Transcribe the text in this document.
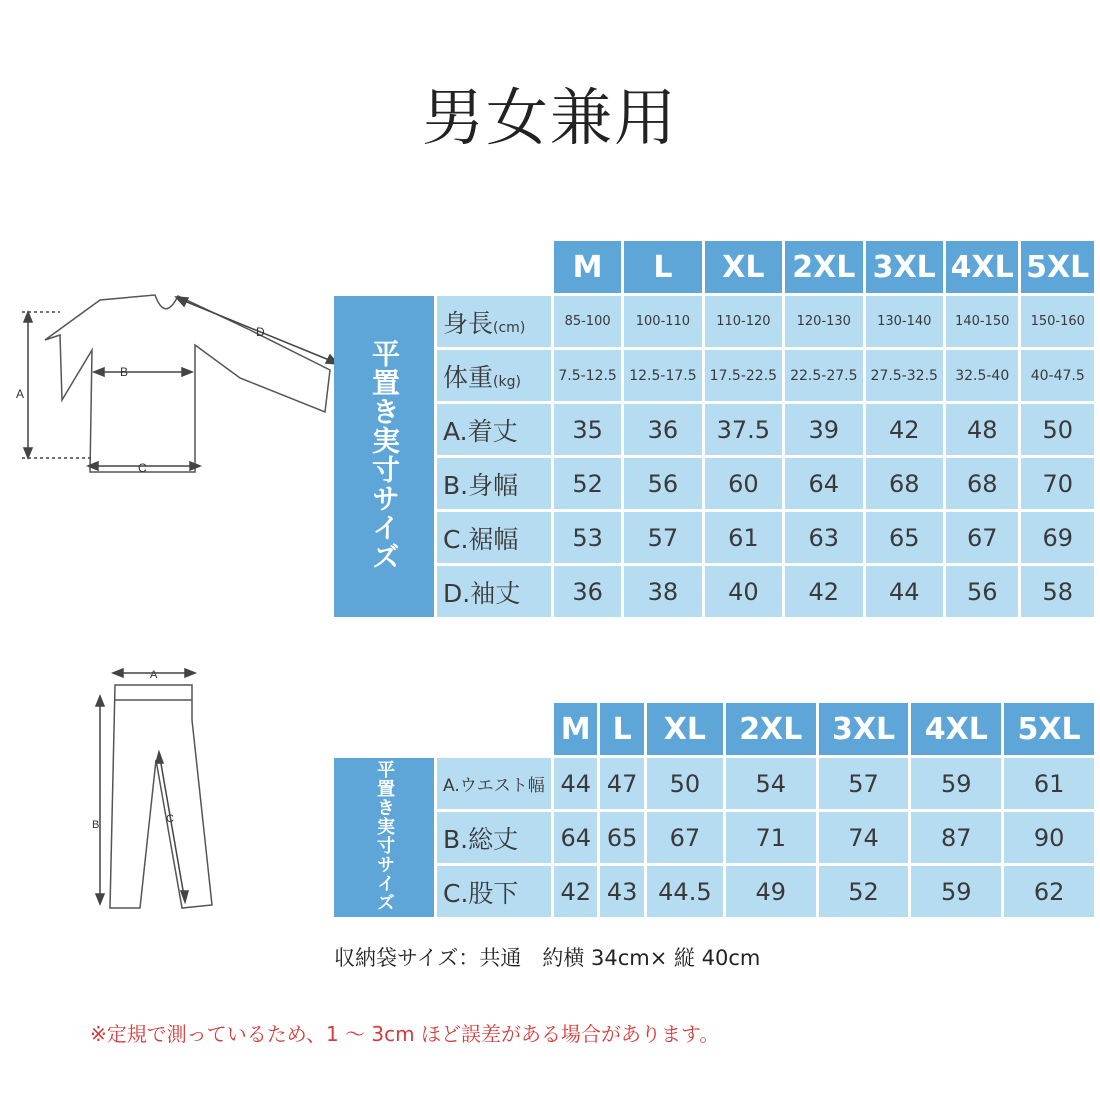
男女兼用
A
B
C
D
A
B	C
		M	L	XL	2XL	3XL	4XL	5XL
平置き実寸サイズ	身長(cm)	85-100	100-110	110-120	120-130	130-140	140-150	150-160
	体重(kg)	7.5-12.5	12.5-17.5	17.5-22.5	22.5-27.5	27.5-32.5	32.5-40	40-47.5
	A.着丈	35	36	37.5	39	42	48	50
	B.身幅	52	56	60	64	68	68	70
	C.裾幅	53	57	61	63	65	67	69
	D.袖丈	36	38	40	42	44	56	58
		M	L	XL	2XL	3XL	4XL	5XL
平置き実寸サイズ	A.ウエスト幅	44	47	50	54	57	59	61
	B.総丈	64	65	67	71	74	87	90
	C.股下	42	43	44.5	49	52	59	62
収納袋サイズ：共通　約横 34cm× 縦 40cm
※定規で測っているため、1 ～ 3cm ほど誤差がある場合があります。
